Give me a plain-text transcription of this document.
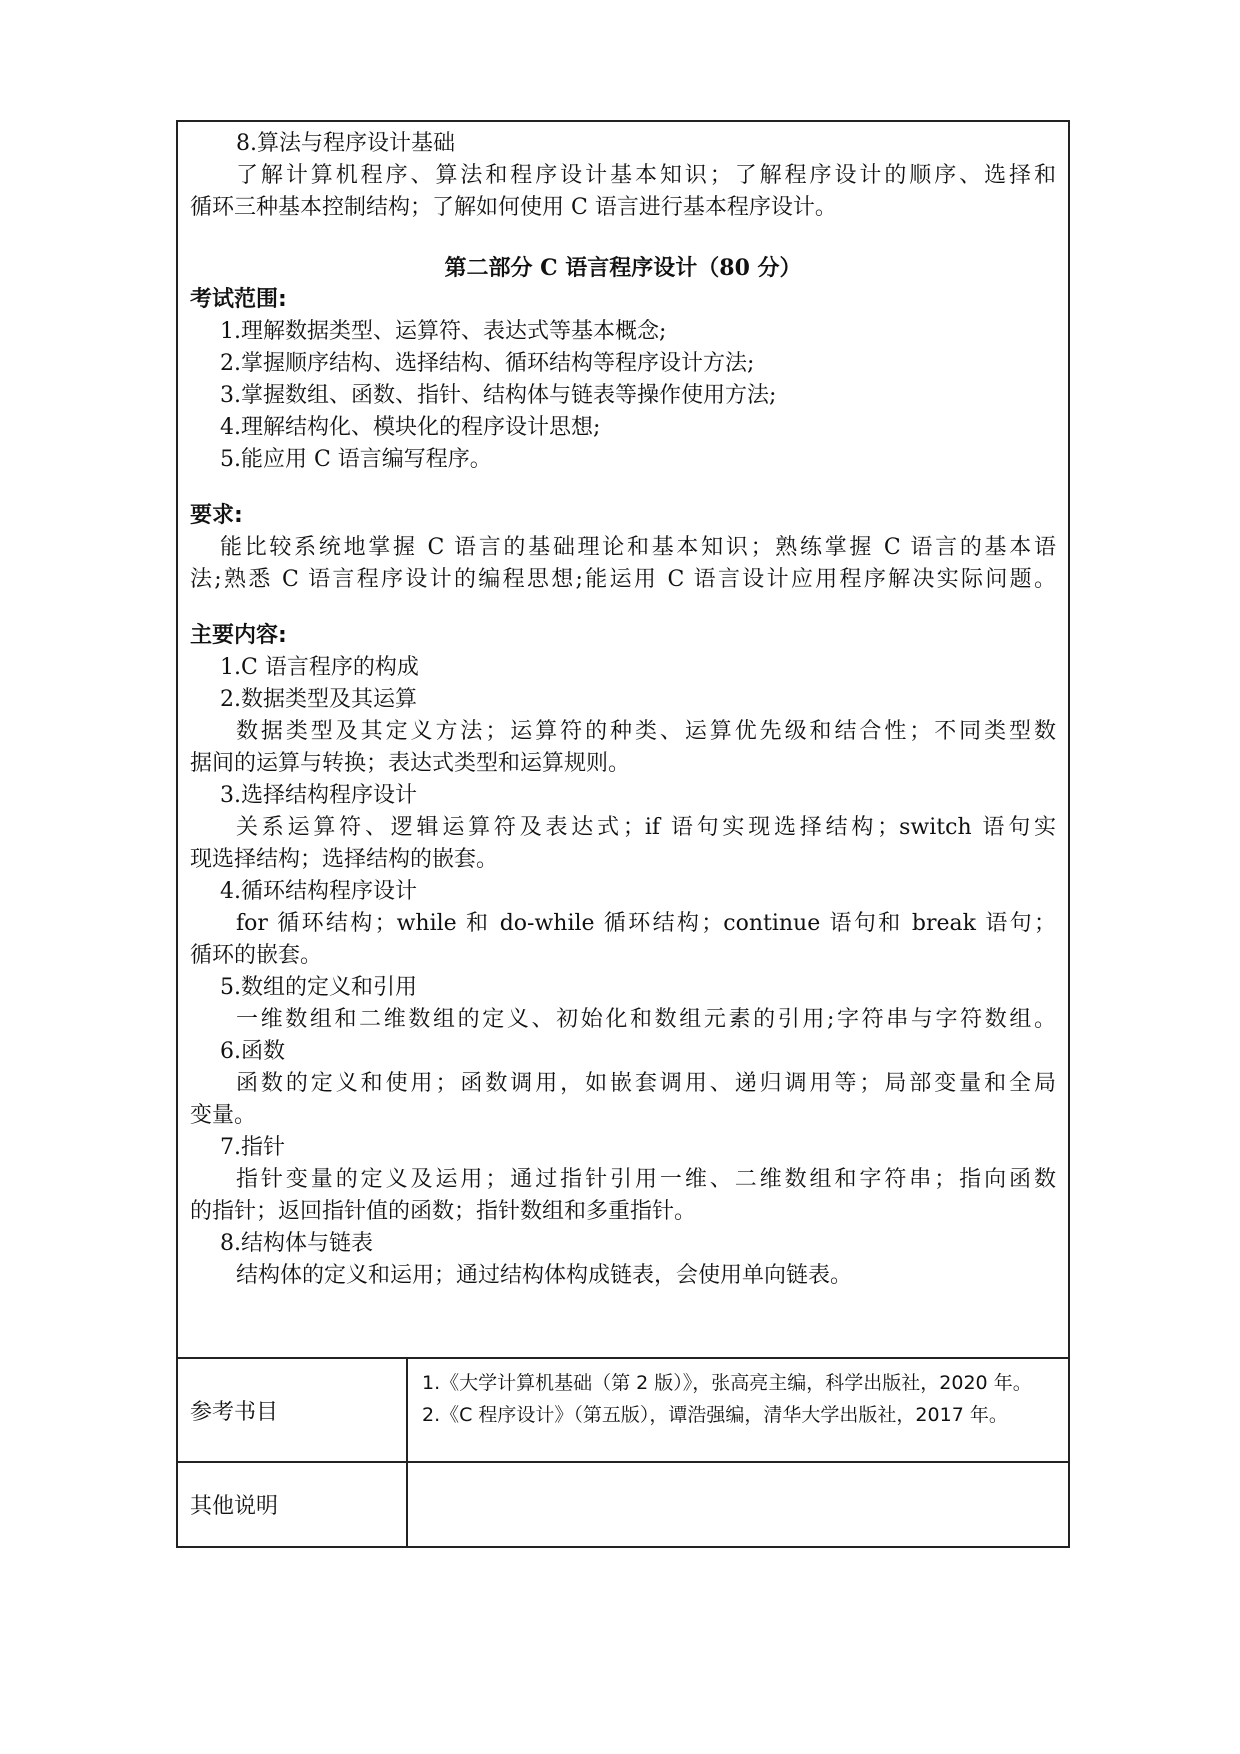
8.算法与程序设计基础

了解计算机程序、算法和程序设计基本知识；了解程序设计的顺序、选择和

循环三种基本控制结构；了解如何使用 C 语言进行基本程序设计。

第二部分 C 语言程序设计（80 分）

考试范围:

1.理解数据类型、运算符、表达式等基本概念;

2.掌握顺序结构、选择结构、循环结构等程序设计方法;

3.掌握数组、函数、指针、结构体与链表等操作使用方法;

4.理解结构化、模块化的程序设计思想;

5.能应用 C 语言编写程序。

要求:

能比较系统地掌握 C 语言的基础理论和基本知识；熟练掌握 C 语言的基本语

法;熟悉 C 语言程序设计的编程思想;能运用 C 语言设计应用程序解决实际问题。

主要内容:

1.C 语言程序的构成

2.数据类型及其运算

数据类型及其定义方法；运算符的种类、运算优先级和结合性；不同类型数

据间的运算与转换；表达式类型和运算规则。

3.选择结构程序设计

关系运算符、逻辑运算符及表达式；if 语句实现选择结构；switch 语句实

现选择结构；选择结构的嵌套。

4.循环结构程序设计

for 循环结构；while 和 do-while 循环结构；continue 语句和 break 语句；

循环的嵌套。

5.数组的定义和引用

一维数组和二维数组的定义、初始化和数组元素的引用;字符串与字符数组。

6.函数

函数的定义和使用；函数调用，如嵌套调用、递归调用等；局部变量和全局

变量。

7.指针

指针变量的定义及运用；通过指针引用一维、二维数组和字符串；指向函数

的指针；返回指针值的函数；指针数组和多重指针。

8.结构体与链表

结构体的定义和运用；通过结构体构成链表，会使用单向链表。

参考书目

1.《大学计算机基础（第 2 版）》，张高亮主编，科学出版社，2020 年。

2.《C 程序设计》（第五版），谭浩强编，清华大学出版社，2017 年。

其他说明
